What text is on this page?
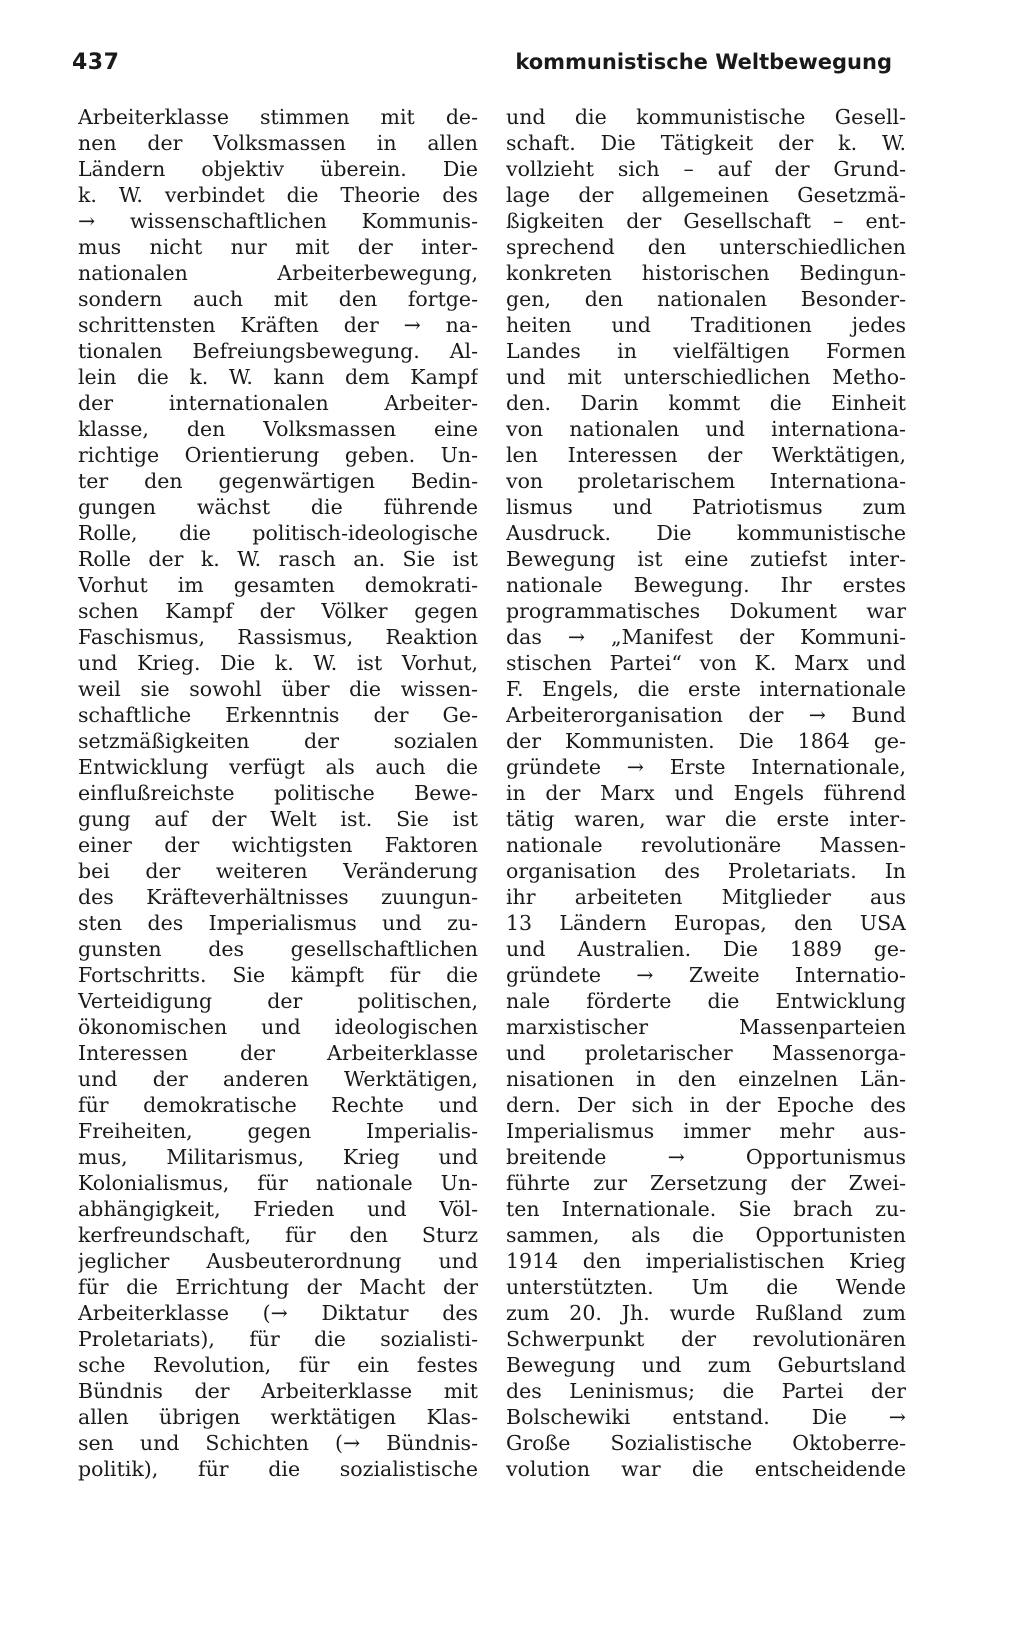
437	kommunistische Weltbewegung
Arbeiterklasse stimmen mit de-
nen der Volksmassen in allen
Ländern objektiv überein. Die
k. W. verbindet die Theorie des
→ wissenschaftlichen Kommunis-
mus nicht nur mit der inter-
nationalen Arbeiterbewegung,
sondern auch mit den fortge-
schrittensten Kräften der → na-
tionalen Befreiungsbewegung. Al-
lein die k. W. kann dem Kampf
der internationalen Arbeiter-
klasse, den Volksmassen eine
richtige Orientierung geben. Un-
ter den gegenwärtigen Bedin-
gungen wächst die führende
Rolle, die politisch-ideologische
Rolle der k. W. rasch an. Sie ist
Vorhut im gesamten demokrati-
schen Kampf der Völker gegen
Faschismus, Rassismus, Reaktion
und Krieg. Die k. W. ist Vorhut,
weil sie sowohl über die wissen-
schaftliche Erkenntnis der Ge-
setzmäßigkeiten der sozialen
Entwicklung verfügt als auch die
einflußreichste politische Bewe-
gung auf der Welt ist. Sie ist
einer der wichtigsten Faktoren
bei der weiteren Veränderung
des Kräfteverhältnisses zuungun-
sten des Imperialismus und zu-
gunsten des gesellschaftlichen
Fortschritts. Sie kämpft für die
Verteidigung der politischen,
ökonomischen und ideologischen
Interessen der Arbeiterklasse
und der anderen Werktätigen,
für demokratische Rechte und
Freiheiten, gegen Imperialis-
mus, Militarismus, Krieg und
Kolonialismus, für nationale Un-
abhängigkeit, Frieden und Völ-
kerfreundschaft, für den Sturz
jeglicher Ausbeuterordnung und
für die Errichtung der Macht der
Arbeiterklasse (→ Diktatur des
Proletariats), für die sozialisti-
sche Revolution, für ein festes
Bündnis der Arbeiterklasse mit
allen übrigen werktätigen Klas-
sen und Schichten (→ Bündnis-
politik), für die sozialistische
und die kommunistische Gesell-
schaft. Die Tätigkeit der k. W.
vollzieht sich – auf der Grund-
lage der allgemeinen Gesetzmä-
ßigkeiten der Gesellschaft – ent-
sprechend den unterschiedlichen
konkreten historischen Bedingun-
gen, den nationalen Besonder-
heiten und Traditionen jedes
Landes in vielfältigen Formen
und mit unterschiedlichen Metho-
den. Darin kommt die Einheit
von nationalen und internationa-
len Interessen der Werktätigen,
von proletarischem Internationa-
lismus und Patriotismus zum
Ausdruck. Die kommunistische
Bewegung ist eine zutiefst inter-
nationale Bewegung. Ihr erstes
programmatisches Dokument war
das → „Manifest der Kommuni-
stischen Partei“ von K. Marx und
F. Engels, die erste internationale
Arbeiterorganisation der → Bund
der Kommunisten. Die 1864 ge-
gründete → Erste Internationale,
in der Marx und Engels führend
tätig waren, war die erste inter-
nationale revolutionäre Massen-
organisation des Proletariats. In
ihr arbeiteten Mitglieder aus
13 Ländern Europas, den USA
und Australien. Die 1889 ge-
gründete → Zweite Internatio-
nale förderte die Entwicklung
marxistischer Massenparteien
und proletarischer Massenorga-
nisationen in den einzelnen Län-
dern. Der sich in der Epoche des
Imperialismus immer mehr aus-
breitende → Opportunismus
führte zur Zersetzung der Zwei-
ten Internationale. Sie brach zu-
sammen, als die Opportunisten
1914 den imperialistischen Krieg
unterstützten. Um die Wende
zum 20. Jh. wurde Rußland zum
Schwerpunkt der revolutionären
Bewegung und zum Geburtsland
des Leninismus; die Partei der
Bolschewiki entstand. Die →
Große Sozialistische Oktoberre-
volution war die entscheidende
